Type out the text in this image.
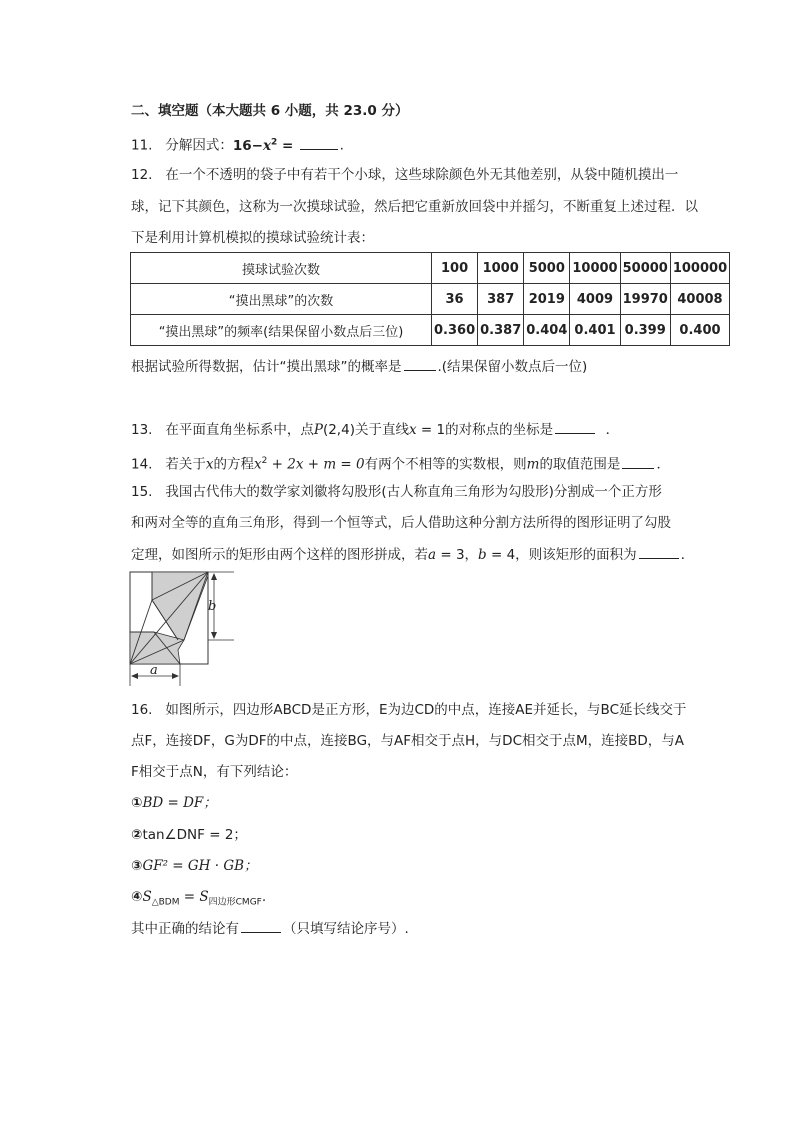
二、填空题（本大题共 6 小题，共 23.0 分）
11. 分解因式：$16-x^2$ =	.
12. 在一个不透明的袋子中有若干个小球，这些球除颜色外无其他差别，从袋中随机摸出一
球，记下其颜色，这称为一次摸球试验，然后把它重新放回袋中并摇匀，不断重复上述过程．以
下是利用计算机模拟的摸球试验统计表：
摸球试验次数	100	1000	5000	10000	50000	100000
“摸出黑球”的次数	36	387	2019	4009	19970	40008
“摸出黑球”的频率(结果保留小数点后三位)	0.360	0.387	0.404	0.401	0.399	0.400
根据试验所得数据，估计“摸出黑球”的概率是	.(结果保留小数点后一位)
13. 在平面直角坐标系中，点P(2,4)关于直线x = 1的对称点的坐标是	．
14. 若关于x的方程$x^2 + 2x + m = 0$有两个不相等的实数根，则m的取值范围是	．
15. 我国古代伟大的数学家刘徽将勾股形(古人称直角三角形为勾股形)分割成一个正方形
和两对全等的直角三角形，得到一个恒等式，后人借助这种分割方法所得的图形证明了勾股
定理，如图所示的矩形由两个这样的图形拼成，若a = 3，b = 4，则该矩形的面积为	．
b
a
16. 如图所示，四边形ABCD是正方形，E为边CD的中点，连接AE并延长，与BC延长线交于
点F，连接DF，G为DF的中点，连接BG，与AF相交于点H，与DC相交于点M，连接BD，与A
F相交于点N，有下列结论：
①BD = DF；
②tan∠DNF = 2；
③GF² = GH · GB；
$④S_{\triangle BDM} = S_{四边形CMGF}$.
其中正确的结论有	（只填写结论序号）.
